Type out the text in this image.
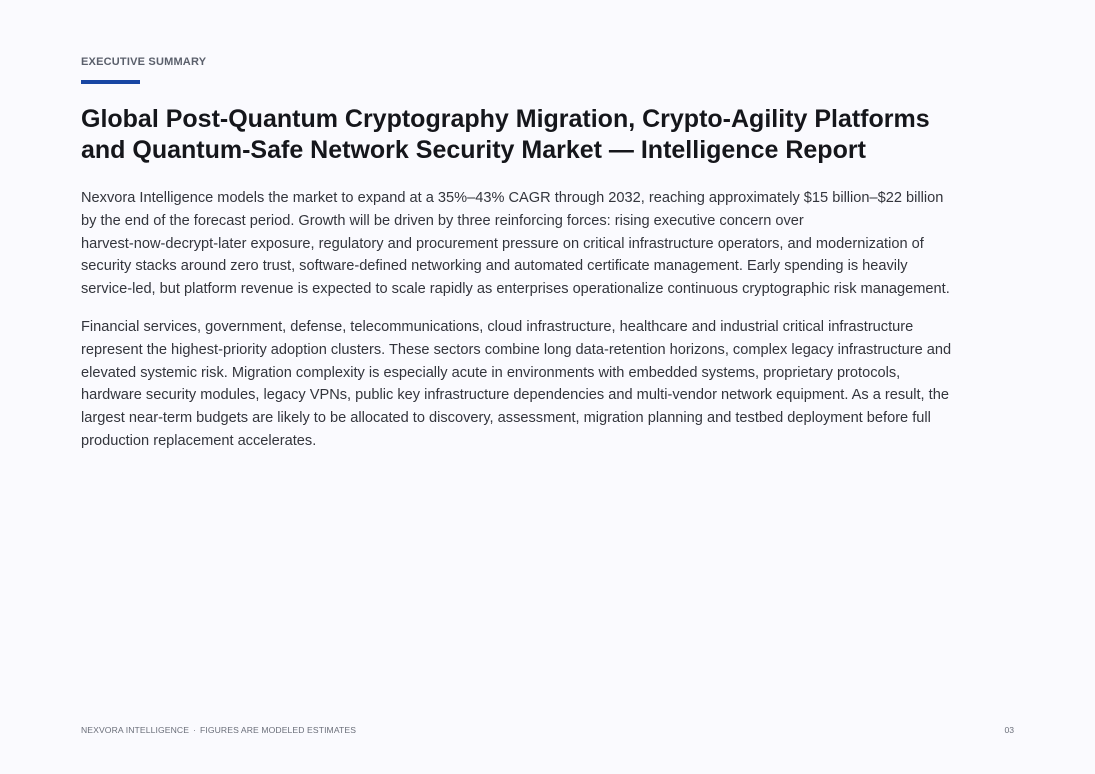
EXECUTIVE SUMMARY
Global Post-Quantum Cryptography Migration, Crypto-Agility Platforms
and Quantum-Safe Network Security Market — Intelligence Report

Nexvora Intelligence models the market to expand at a 35%–43% CAGR through 2032, reaching approximately $15 billion–$22 billion
by the end of the forecast period. Growth will be driven by three reinforcing forces: rising executive concern over
harvest-now-decrypt-later exposure, regulatory and procurement pressure on critical infrastructure operators, and modernization of
security stacks around zero trust, software-defined networking and automated certificate management. Early spending is heavily
service-led, but platform revenue is expected to scale rapidly as enterprises operationalize continuous cryptographic risk management.

Financial services, government, defense, telecommunications, cloud infrastructure, healthcare and industrial critical infrastructure
represent the highest-priority adoption clusters. These sectors combine long data-retention horizons, complex legacy infrastructure and
elevated systemic risk. Migration complexity is especially acute in environments with embedded systems, proprietary protocols,
hardware security modules, legacy VPNs, public key infrastructure dependencies and multi-vendor network equipment. As a result, the
largest near-term budgets are likely to be allocated to discovery, assessment, migration planning and testbed deployment before full
production replacement accelerates.

NEXVORA INTELLIGENCE · FIGURES ARE MODELED ESTIMATES	03
